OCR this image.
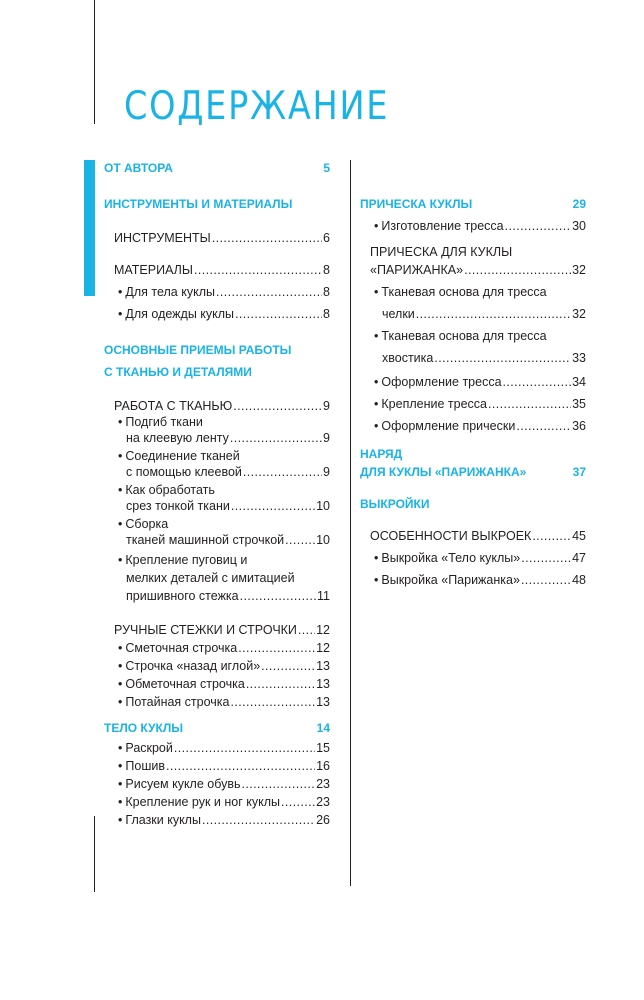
СОДЕРЖАНИЕ
ОТ АВТОРА	5
ИНСТРУМЕНТЫ И МАТЕРИАЛЫ
ИНСТРУМЕНТЫ .....	6
МАТЕРИАЛЫ .....	8
• Для тела куклы .....	8
• Для одежды куклы .....	8
ОСНОВНЫЕ ПРИЕМЫ РАБОТЫ
С ТКАНЬЮ И ДЕТАЛЯМИ
РАБОТА С ТКАНЬЮ .....	9
• Подгиб ткани
на клеевую ленту .....	9
• Соединение тканей
с помощью клеевой .....	9
• Как обработать
срез тонкой ткани .....	10
• Сборка
тканей машинной строчкой .....	10
• Крепление пуговиц и
мелких деталей с имитацией
пришивного стежка .....	11
РУЧНЫЕ СТЕЖКИ И СТРОЧКИ ..... 12
• Сметочная строчка .....	12
• Строчка «назад иглой» .....	13
• Обметочная строчка .....	13
• Потайная строчка .....	13
ТЕЛО КУКЛЫ	14
• Раскрой .....	15
• Пошив .....	16
• Рисуем кукле обувь .....	23
• Крепление рук и ног куклы .....	23
• Глазки куклы .....	26
ПРИЧЕСКА КУКЛЫ	29
• Изготовление тресса .....	30
ПРИЧЕСКА ДЛЯ КУКЛЫ
«ПАРИЖАНКА» .....	32
• Тканевая основа для тресса
челки .....	32
• Тканевая основа для тресса
хвостика .....	33
• Оформление тресса .....	34
• Крепление тресса .....	35
• Оформление прически .....	36
НАРЯД
ДЛЯ КУКЛЫ «ПАРИЖАНКА»	37
ВЫКРОЙКИ
ОСОБЕННОСТИ ВЫКРОЕК .....	45
• Выкройка «Тело куклы» .....	47
• Выкройка «Парижанка» .....	48
